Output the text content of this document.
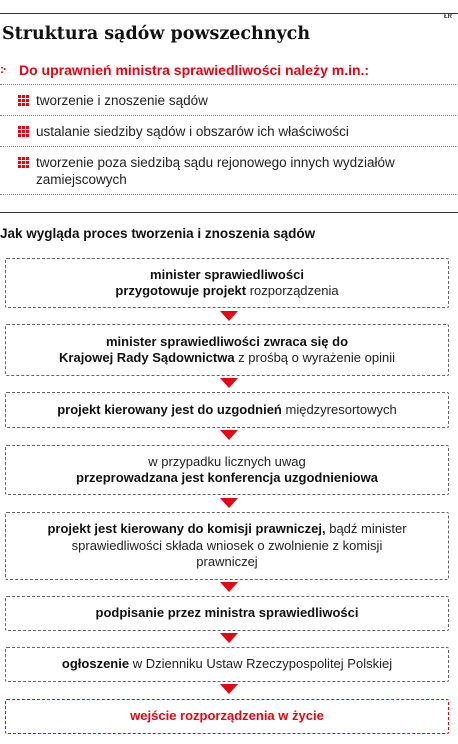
ŁR
Struktura sądów powszechnych
:· Do uprawnień ministra sprawiedliwości należy m.in.:
tworzenie i znoszenie sądów
ustalanie siedziby sądów i obszarów ich właściwości
tworzenie poza siedzibą sądu rejonowego innych wydziałów zamiejscowych
Jak wygląda proces tworzenia i znoszenia sądów
minister sprawiedliwości
przygotowuje projekt rozporządzenia
minister sprawiedliwości zwraca się do
Krajowej Rady Sądownictwa z prośbą o wyrażenie opinii
projekt kierowany jest do uzgodnień międzyresortowych
w przypadku licznych uwag
przeprowadzana jest konferencja uzgodnieniowa
projekt jest kierowany do komisji prawniczej, bądź minister sprawiedliwości składa wniosek o zwolnienie z komisji prawniczej
podpisanie przez ministra sprawiedliwości
ogłoszenie w Dzienniku Ustaw Rzeczypospolitej Polskiej
wejście rozporządzenia w życie
